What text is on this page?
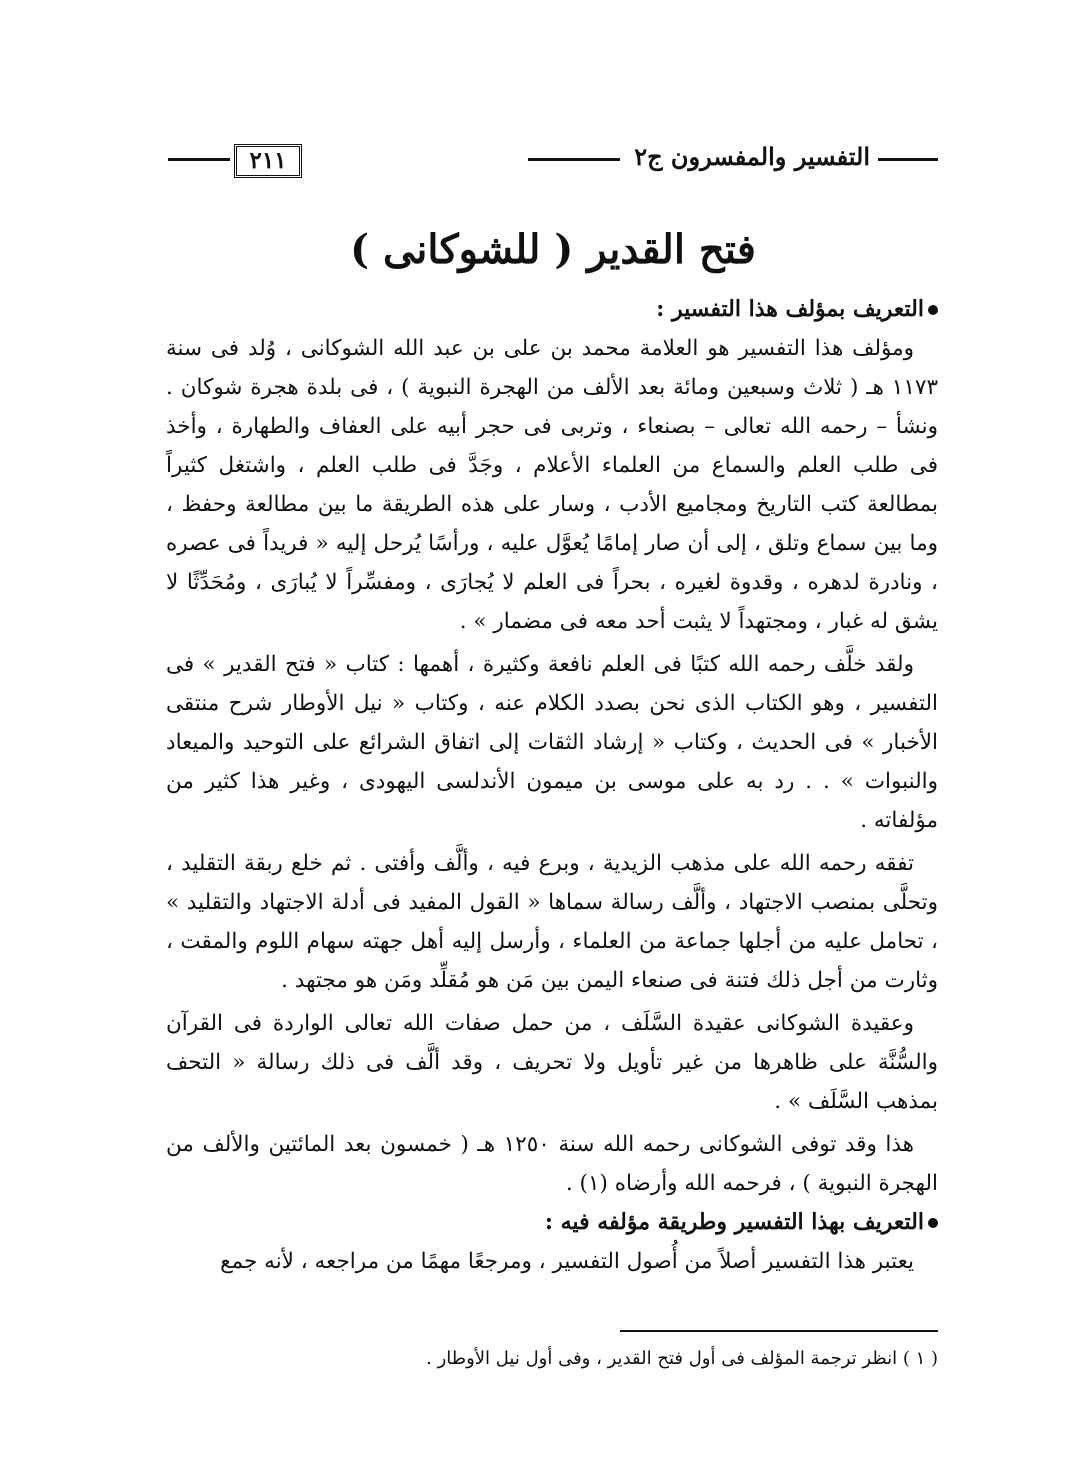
التفسير والمفسرون ج٢
٢١١
فتح القدير ( للشوكانى )

التعريف بمؤلف هذا التفسير :

ومؤلف هذا التفسير هو العلامة محمد بن على بن عبد الله الشوكانى ، وُلد فى سنة ١١٧٣ هـ ( ثلاث وسبعين ومائة بعد الألف من الهجرة النبوية ) ، فى بلدة هجرة شوكان . ونشأ – رحمه الله تعالى – بصنعاء ، وتربى فى حجر أبيه على العفاف والطهارة ، وأخذ فى طلب العلم والسماع من العلماء الأعلام ، وجَدَّ فى طلب العلم ، واشتغل كثيراً بمطالعة كتب التاريخ ومجاميع الأدب ، وسار على هذه الطريقة ما بين مطالعة وحفظ ، وما بين سماع وتلق ، إلى أن صار إمامًا يُعوَّل عليه ، ورأسًا يُرحل إليه « فريداً فى عصره ، ونادرة لدهره ، وقدوة لغيره ، بحراً فى العلم لا يُجارَى ، ومفسِّراً لا يُبارَى ، ومُحَدِّثًا لا يشق له غبار ، ومجتهداً لا يثبت أحد معه فى مضمار » .

ولقد خلَّف رحمه الله كتبًا فى العلم نافعة وكثيرة ، أهمها : كتاب « فتح القدير » فى التفسير ، وهو الكتاب الذى نحن بصدد الكلام عنه ، وكتاب « نيل الأوطار شرح منتقى الأخبار » فى الحديث ، وكتاب « إرشاد الثقات إلى اتفاق الشرائع على التوحيد والميعاد والنبوات » . . رد به على موسى بن ميمون الأندلسى اليهودى ، وغير هذا كثير من مؤلفاته .

تفقه رحمه الله على مذهب الزيدية ، وبرع فيه ، وألَّف وأفتى . ثم خلع ربقة التقليد ، وتحلَّى بمنصب الاجتهاد ، وألَّف رسالة سماها « القول المفيد فى أدلة الاجتهاد والتقليد » ، تحامل عليه من أجلها جماعة من العلماء ، وأرسل إليه أهل جهته سهام اللوم والمقت ، وثارت من أجل ذلك فتنة فى صنعاء اليمن بين مَن هو مُقلِّد ومَن هو مجتهد .

وعقيدة الشوكانى عقيدة السَّلَف ، من حمل صفات الله تعالى الواردة فى القرآن والسُّنَّة على ظاهرها من غير تأويل ولا تحريف ، وقد ألَّف فى ذلك رسالة « التحف بمذهب السَّلَف » .

هذا وقد توفى الشوكانى رحمه الله سنة ١٢٥٠ هـ ( خمسون بعد المائتين والألف من الهجرة النبوية ) ، فرحمه الله وأرضاه (١) .

التعريف بهذا التفسير وطريقة مؤلفه فيه :

يعتبر هذا التفسير أصلاً من أُصول التفسير ، ومرجعًا مهمًا من مراجعه ، لأنه جمع

( ١ ) انظر ترجمة المؤلف فى أول فتح القدير ، وفى أول نيل الأوطار .
